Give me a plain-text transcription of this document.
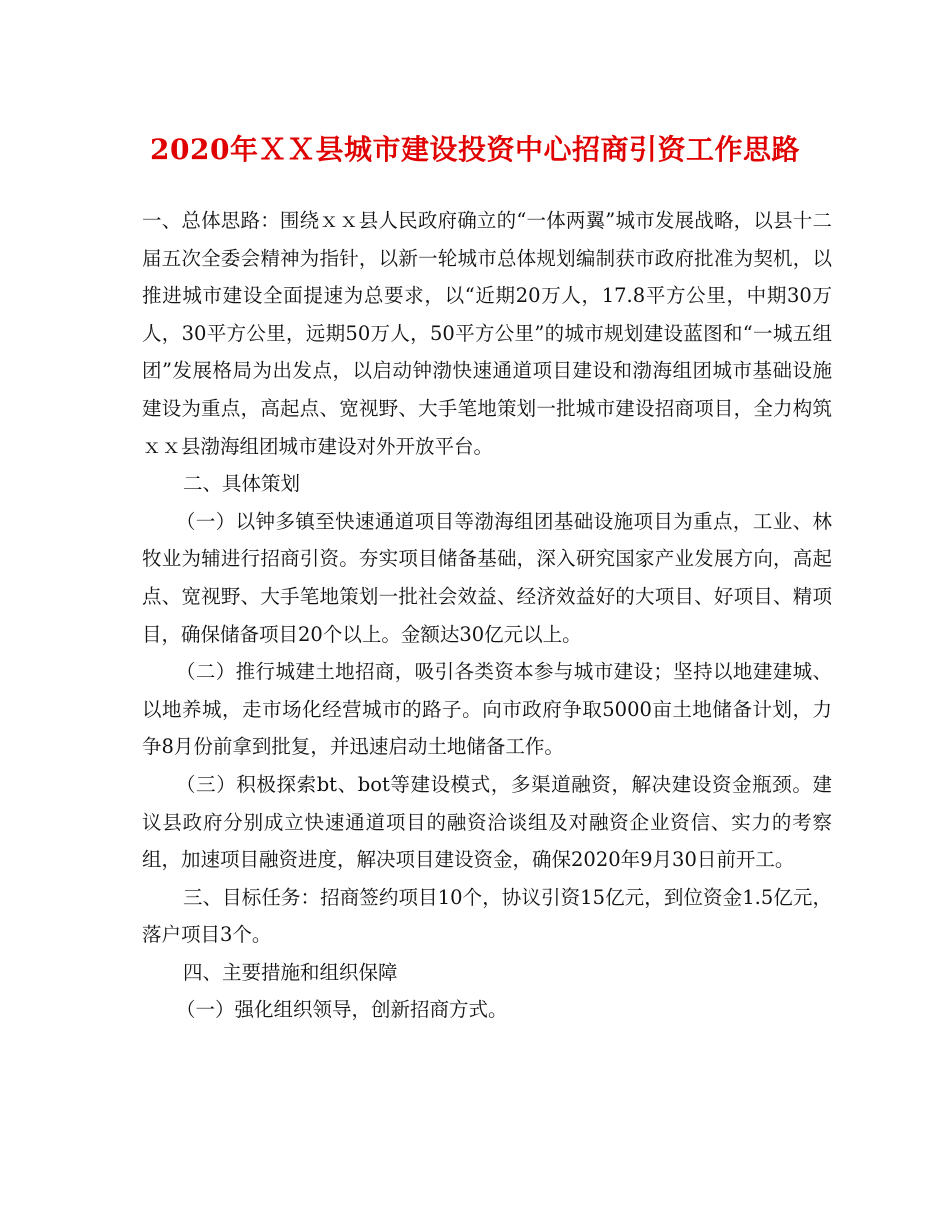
2020年ＸＸ县城市建设投资中心招商引资工作思路

一、总体思路：围绕ｘｘ县人民政府确立的“一体两翼”城市发展战略，以县十二届五次全委会精神为指针，以新一轮城市总体规划编制获市政府批准为契机，以推进城市建设全面提速为总要求，以“近期20万人，17.8平方公里，中期30万人，30平方公里，远期50万人，50平方公里”的城市规划建设蓝图和“一城五组团”发展格局为出发点，以启动钟渤快速通道项目建设和渤海组团城市基础设施建设为重点，高起点、宽视野、大手笔地策划一批城市建设招商项目，全力构筑ｘｘ县渤海组团城市建设对外开放平台。

二、具体策划

（一）以钟多镇至快速通道项目等渤海组团基础设施项目为重点，工业、林牧业为辅进行招商引资。夯实项目储备基础，深入研究国家产业发展方向，高起点、宽视野、大手笔地策划一批社会效益、经济效益好的大项目、好项目、精项目，确保储备项目20个以上。金额达30亿元以上。

（二）推行城建土地招商，吸引各类资本参与城市建设；坚持以地建建城、以地养城，走市场化经营城市的路子。向市政府争取5000亩土地储备计划，力争8月份前拿到批复，并迅速启动土地储备工作。

（三）积极探索bt、bot等建设模式，多渠道融资，解决建设资金瓶颈。建议县政府分别成立快速通道项目的融资洽谈组及对融资企业资信、实力的考察组，加速项目融资进度，解决项目建设资金，确保2020年9月30日前开工。

三、目标任务：招商签约项目10个，协议引资15亿元，到位资金1.5亿元，落户项目3个。

四、主要措施和组织保障

（一）强化组织领导，创新招商方式。
